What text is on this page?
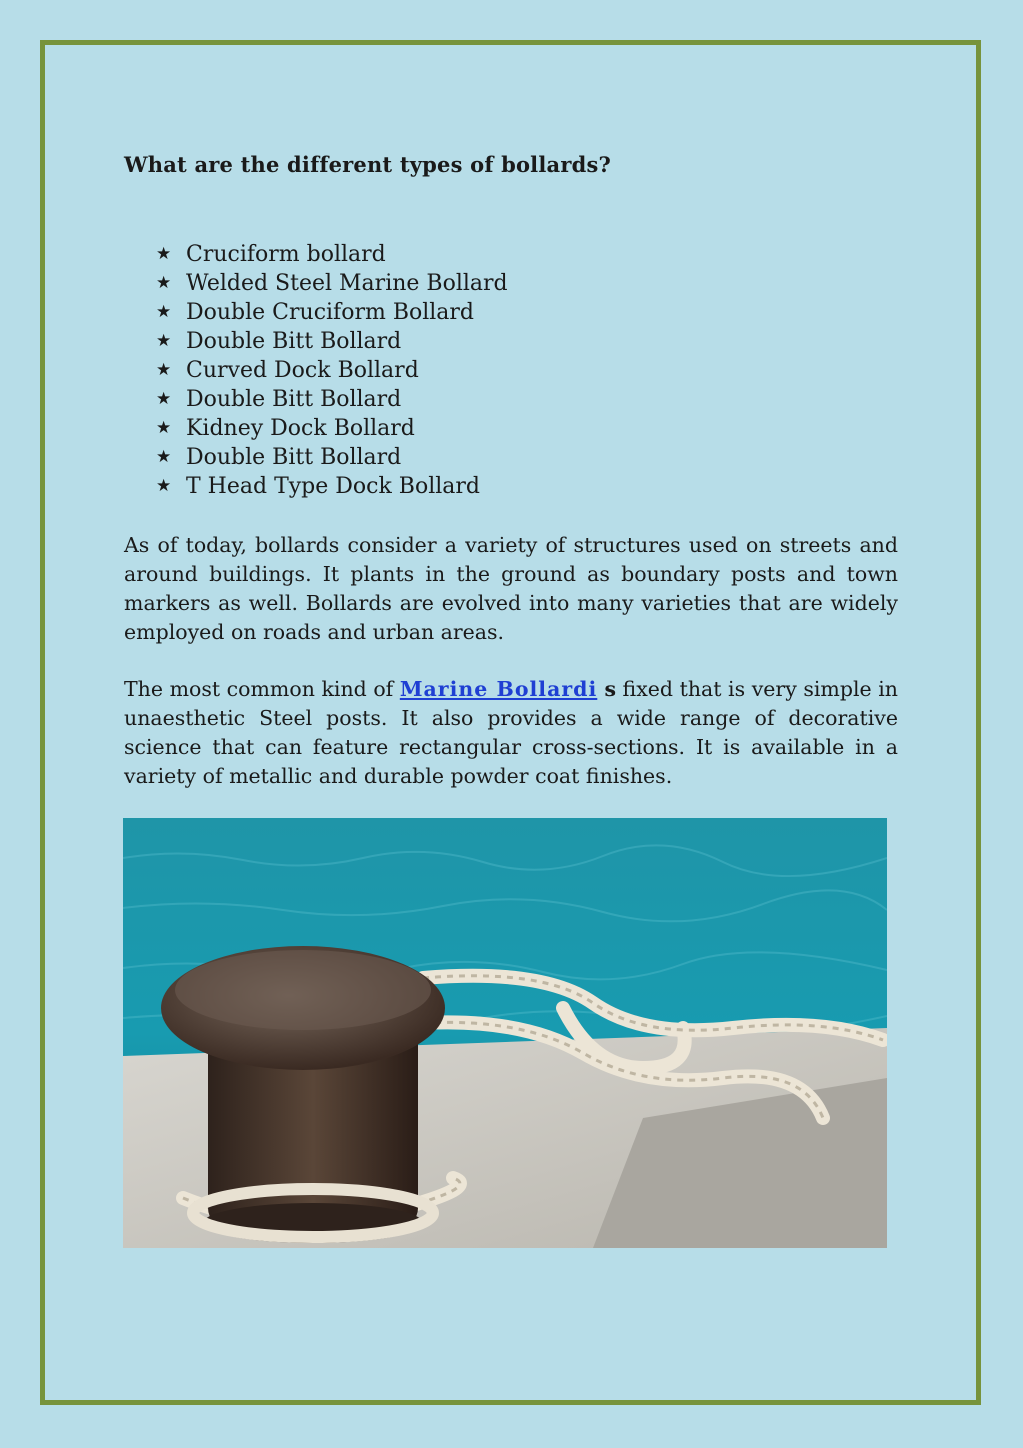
What are the different types of bollards?
★ Cruciform bollard
★ Welded Steel Marine Bollard
★ Double Cruciform Bollard
★ Double Bitt Bollard
★ Curved Dock Bollard
★ Double Bitt Bollard
★ Kidney Dock Bollard
★ Double Bitt Bollard
★ T Head Type Dock Bollard

As of today, bollards consider a variety of structures used on streets and around buildings. It plants in the ground as boundary posts and town markers as well. Bollards are evolved into many varieties that are widely employed on roads and urban areas.

The most common kind of Marine Bollardi s fixed that is very simple in unaesthetic Steel posts. It also provides a wide range of decorative science that can feature rectangular cross-sections. It is available in a variety of metallic and durable powder coat finishes.
